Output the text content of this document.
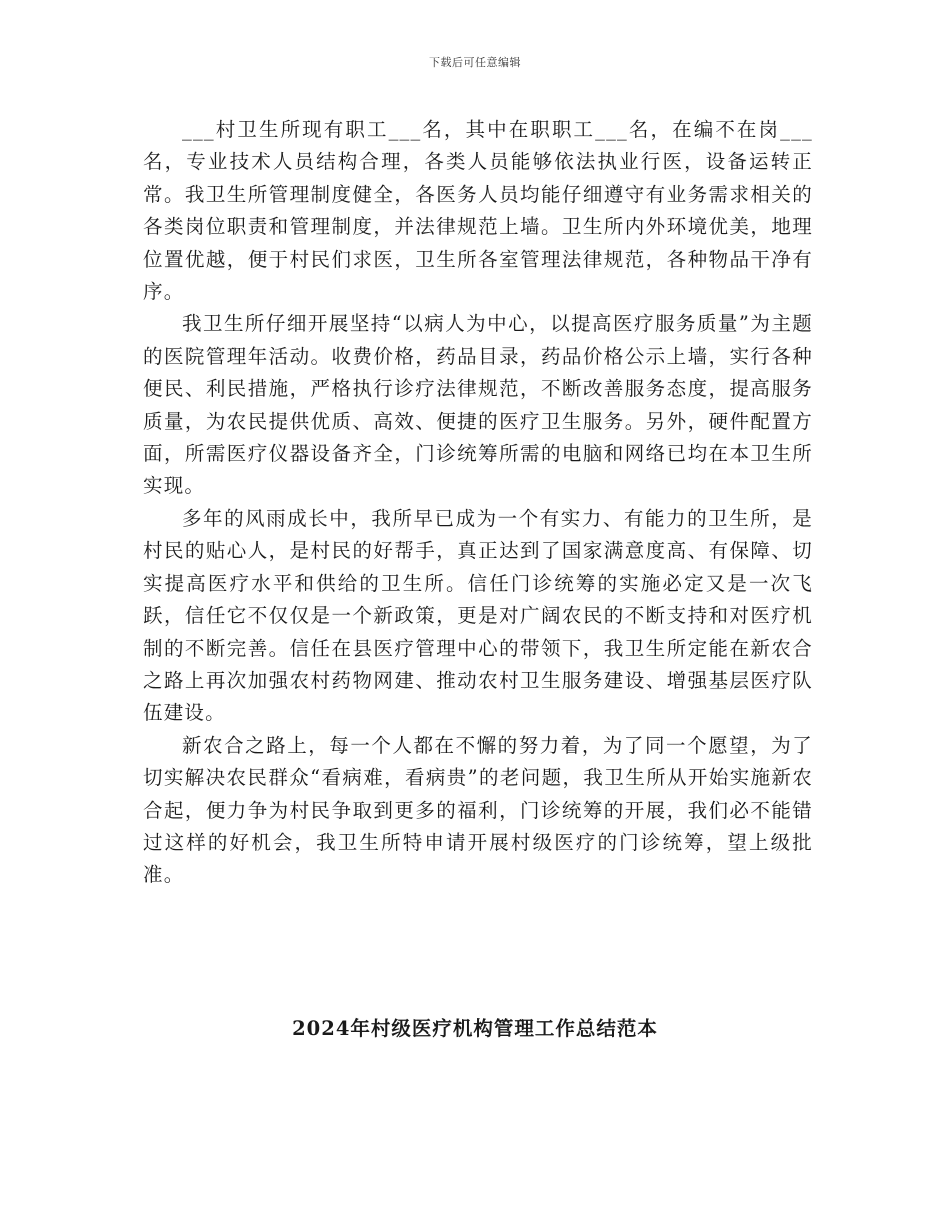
下载后可任意编辑

___村卫生所现有职工___名，其中在职职工___名，在编不在岗___名，专业技术人员结构合理，各类人员能够依法执业行医，设备运转正常。我卫生所管理制度健全，各医务人员均能仔细遵守有业务需求相关的各类岗位职责和管理制度，并法律规范上墙。卫生所内外环境优美，地理位置优越，便于村民们求医，卫生所各室管理法律规范，各种物品干净有序。

我卫生所仔细开展坚持“以病人为中心，以提高医疗服务质量”为主题的医院管理年活动。收费价格，药品目录，药品价格公示上墙，实行各种便民、利民措施，严格执行诊疗法律规范，不断改善服务态度，提高服务质量，为农民提供优质、高效、便捷的医疗卫生服务。另外，硬件配置方面，所需医疗仪器设备齐全，门诊统筹所需的电脑和网络已均在本卫生所实现。

多年的风雨成长中，我所早已成为一个有实力、有能力的卫生所，是村民的贴心人，是村民的好帮手，真正达到了国家满意度高、有保障、切实提高医疗水平和供给的卫生所。信任门诊统筹的实施必定又是一次飞跃，信任它不仅仅是一个新政策，更是对广阔农民的不断支持和对医疗机制的不断完善。信任在县医疗管理中心的带领下，我卫生所定能在新农合之路上再次加强农村药物网建、推动农村卫生服务建设、增强基层医疗队伍建设。

新农合之路上，每一个人都在不懈的努力着，为了同一个愿望，为了切实解决农民群众“看病难，看病贵”的老问题，我卫生所从开始实施新农合起，便力争为村民争取到更多的福利，门诊统筹的开展，我们必不能错过这样的好机会，我卫生所特申请开展村级医疗的门诊统筹，望上级批准。

2024年村级医疗机构管理工作总结范本
